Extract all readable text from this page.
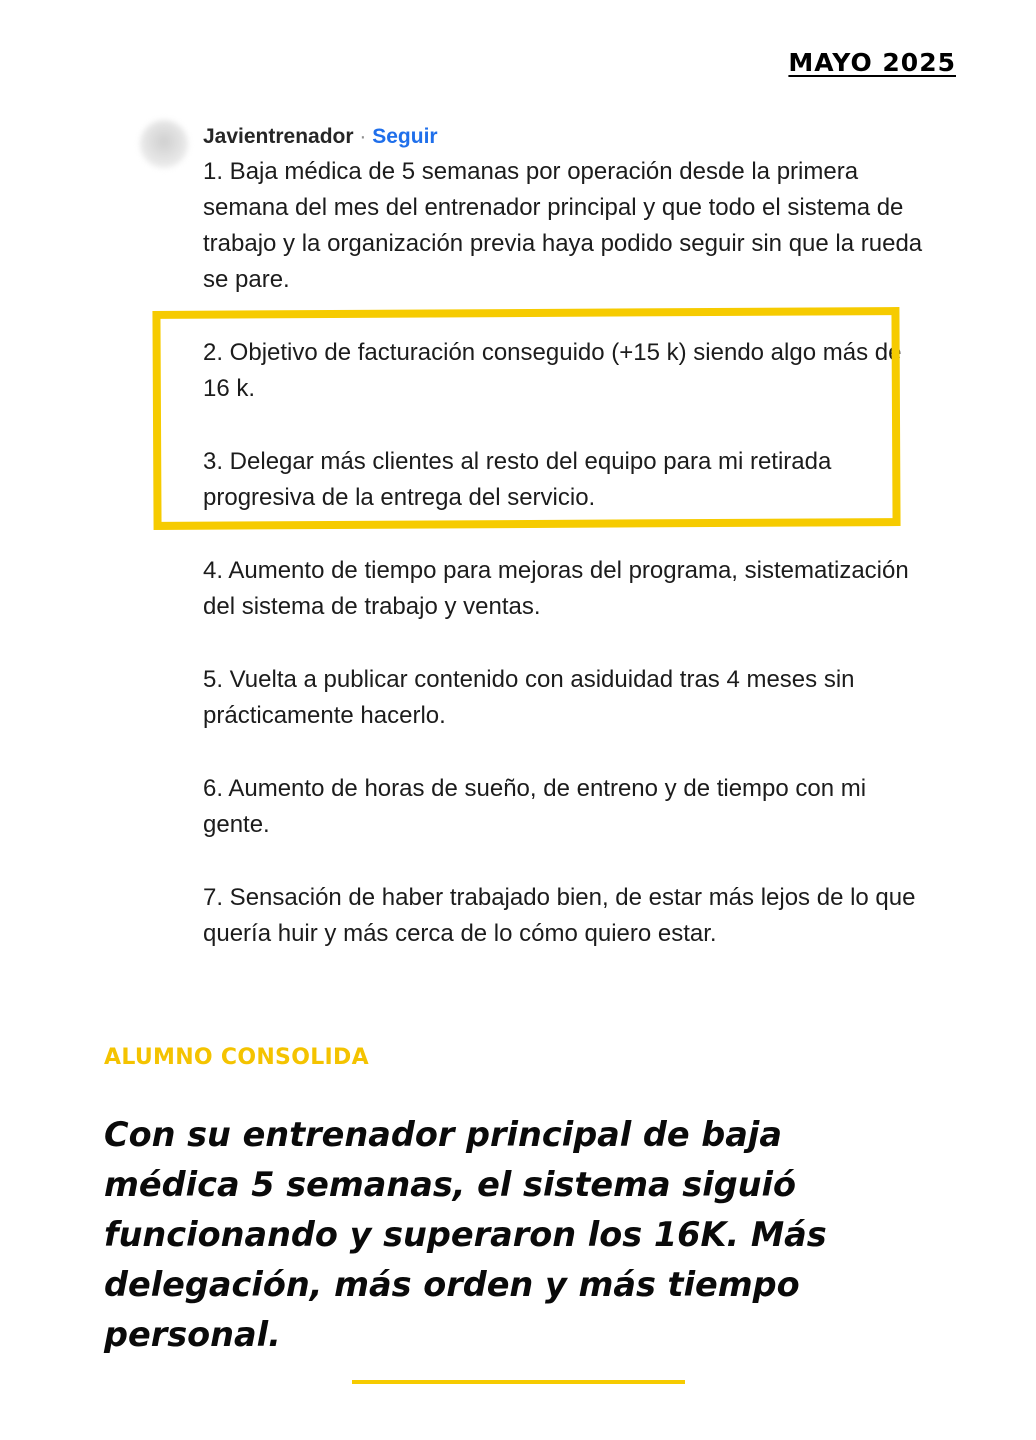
MAYO 2025
Javientrenador · Seguir

1. Baja médica de 5 semanas por operación desde la primera semana del mes del entrenador principal y que todo el sistema de trabajo y la organización previa haya podido seguir sin que la rueda se pare.

2. Objetivo de facturación conseguido (+15 k) siendo algo más de 16 k.

3. Delegar más clientes al resto del equipo para mi retirada progresiva de la entrega del servicio.

4. Aumento de tiempo para mejoras del programa, sistematización del sistema de trabajo y ventas.

5. Vuelta a publicar contenido con asiduidad tras 4 meses sin prácticamente hacerlo.

6. Aumento de horas de sueño, de entreno y de tiempo con mi gente.

7. Sensación de haber trabajado bien, de estar más lejos de lo que quería huir y más cerca de lo cómo quiero estar.

ALUMNO CONSOLIDA
Con su entrenador principal de baja médica 5 semanas, el sistema siguió funcionando y superaron los 16K. Más delegación, más orden y más tiempo personal.
